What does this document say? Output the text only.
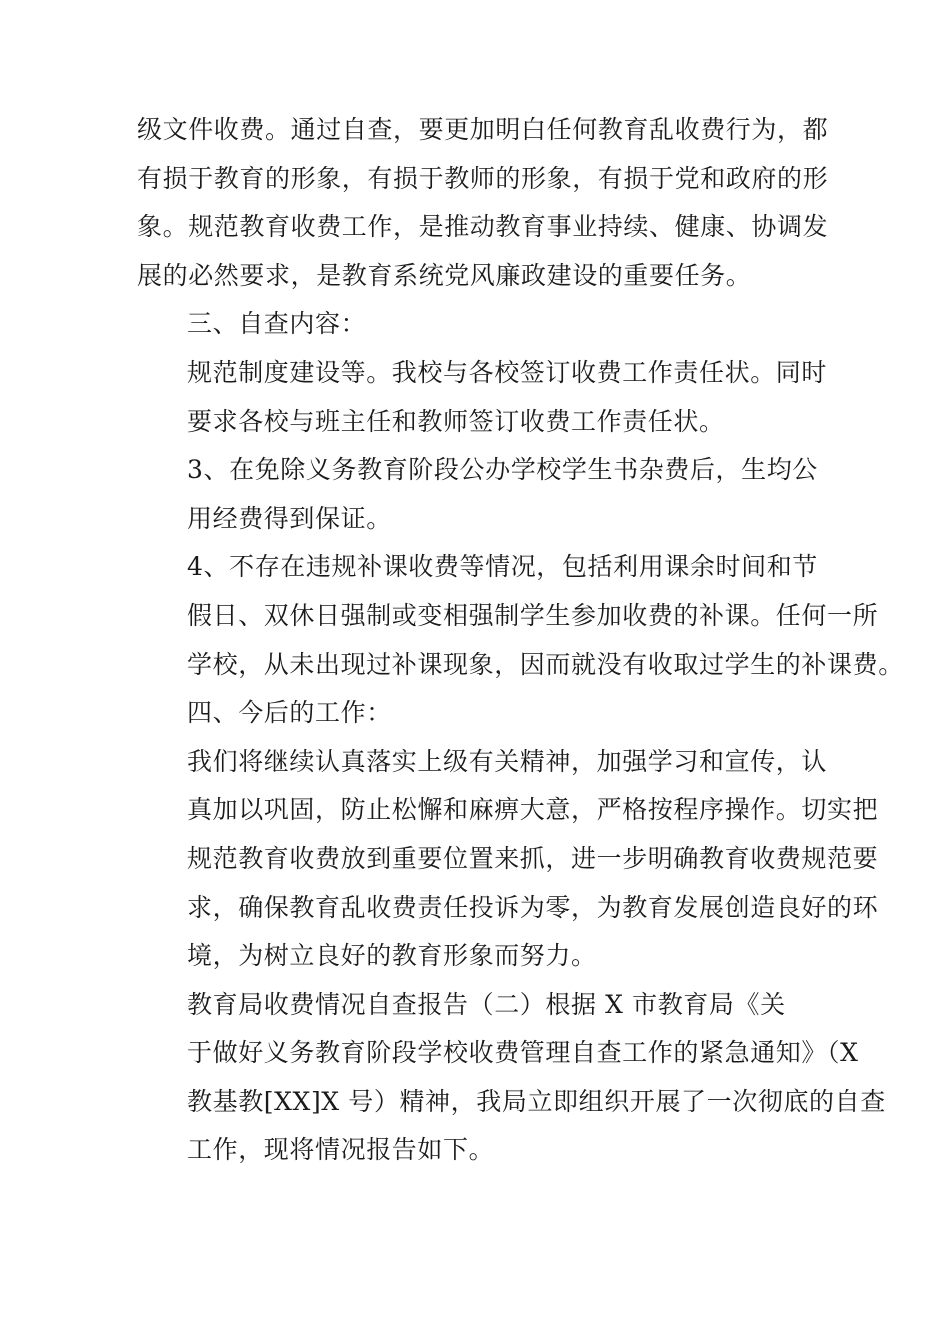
级文件收费。通过自查，要更加明白任何教育乱收费行为，都
有损于教育的形象，有损于教师的形象，有损于党和政府的形
象。规范教育收费工作，是推动教育事业持续、健康、协调发
展的必然要求，是教育系统党风廉政建设的重要任务。

三、自查内容：

规范制度建设等。我校与各校签订收费工作责任状。同时
要求各校与班主任和教师签订收费工作责任状。

3、在免除义务教育阶段公办学校学生书杂费后，生均公
用经费得到保证。

4、不存在违规补课收费等情况，包括利用课余时间和节
假日、双休日强制或变相强制学生参加收费的补课。任何一所
学校，从未出现过补课现象，因而就没有收取过学生的补课费。

四、今后的工作：

我们将继续认真落实上级有关精神，加强学习和宣传，认
真加以巩固，防止松懈和麻痹大意，严格按程序操作。切实把
规范教育收费放到重要位置来抓，进一步明确教育收费规范要
求，确保教育乱收费责任投诉为零，为教育发展创造良好的环
境，为树立良好的教育形象而努力。

教育局收费情况自查报告（二）根据 X 市教育局《关
于做好义务教育阶段学校收费管理自查工作的紧急通知》（X
教基教[XX]X 号）精神，我局立即组织开展了一次彻底的自查
工作，现将情况报告如下。
